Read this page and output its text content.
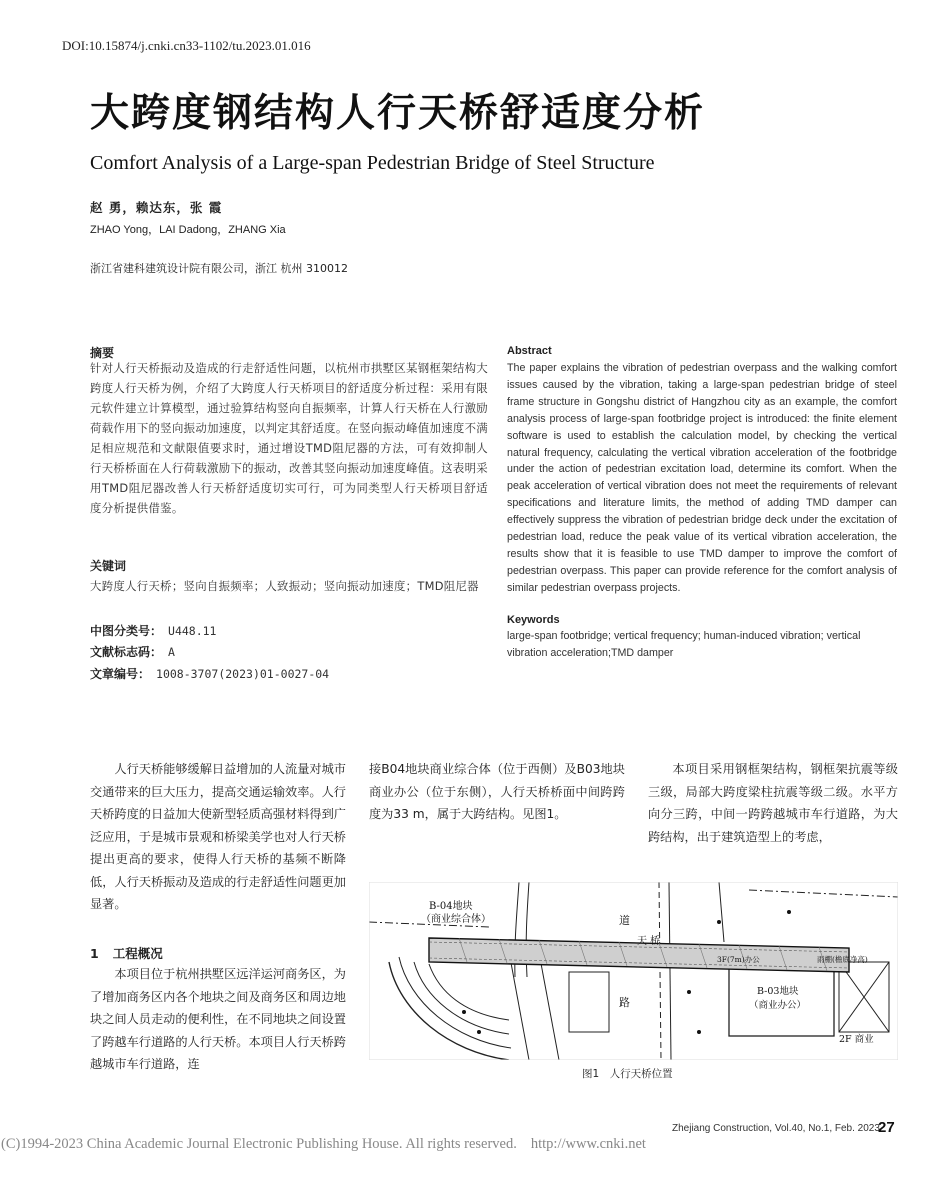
DOI:10.15874/j.cnki.cn33-1102/tu.2023.01.016
大跨度钢结构人行天桥舒适度分析
Comfort Analysis of a Large-span Pedestrian Bridge of Steel Structure
赵 勇，赖达东，张 霞
ZHAO Yong，LAI Dadong，ZHANG Xia
浙江省建科建筑设计院有限公司，浙江 杭州 310012
摘要
针对人行天桥振动及造成的行走舒适性问题，以杭州市拱墅区某钢框架结构大跨度人行天桥为例，介绍了大跨度人行天桥项目的舒适度分析过程：采用有限元软件建立计算模型，通过验算结构竖向自振频率，计算人行天桥在人行激励荷载作用下的竖向振动加速度，以判定其舒适度。在竖向振动峰值加速度不满足相应规范和文献限值要求时，通过增设TMD阻尼器的方法，可有效抑制人行天桥桥面在人行荷载激励下的振动，改善其竖向振动加速度峰值。这表明采用TMD阻尼器改善人行天桥舒适度切实可行，可为同类型人行天桥项目舒适度分析提供借鉴。
关键词
大跨度人行天桥；竖向自振频率；人致振动；竖向振动加速度；TMD阻尼器
中图分类号： U448.11
文献标志码： A
文章编号： 1008-3707(2023)01-0027-04
Abstract
The paper explains the vibration of pedestrian overpass and the walking comfort issues caused by the vibration, taking a large-span pedestrian bridge of steel frame structure in Gongshu district of Hangzhou city as an example, the comfort analysis process of large-span footbridge project is introduced: the finite element software is used to establish the calculation model, by checking the vertical natural frequency, calculating the vertical vibration acceleration of the footbridge under the action of pedestrian excitation load, determine its comfort. When the peak acceleration of vertical vibration does not meet the requirements of relevant specifications and literature limits, the method of adding TMD damper can effectively suppress the vibration of pedestrian bridge deck under the excitation of pedestrian load, reduce the peak value of its vertical vibration acceleration, the results show that it is feasible to use TMD damper to improve the comfort of pedestrian overpass. This paper can provide reference for the comfort analysis of similar pedestrian overpass projects.
Keywords
large-span footbridge; vertical frequency; human-induced vibration; vertical vibration acceleration;TMD damper
人行天桥能够缓解日益增加的人流量对城市交通带来的巨大压力，提高交通运输效率。人行天桥跨度的日益加大使新型轻质高强材料得到广泛应用，于是城市景观和桥梁美学也对人行天桥提出更高的要求，使得人行天桥的基频不断降低，人行天桥振动及造成的行走舒适性问题更加显著。
1 工程概况
本项目位于杭州拱墅区远洋运河商务区，为了增加商务区内各个地块之间及商务区和周边地块之间人员走动的便利性，在不同地块之间设置了跨越车行道路的人行天桥。本项目人行天桥跨越城市车行道路，连
接B04地块商业综合体（位于西侧）及B03地块商业办公（位于东侧），人行天桥桥面中间跨跨度为33 m，属于大跨结构。见图1。
本项目采用钢框架结构，钢框架抗震等级三级，局部大跨度梁柱抗震等级二级。水平方向分三跨，中间一跨跨越城市车行道路，为大跨结构，出于建筑造型上的考虑，
B-04地块
（商业综合体）	道
路
天 桥
3F(7m)办公	雨棚(檐底净高)
B-03地块
（商业办公）
2F 商业
图1　人行天桥位置
Zhejiang Construction, Vol.40, No.1, Feb. 2023
27
(C)1994-2023 China Academic Journal Electronic Publishing House. All rights reserved. http://www.cnki.net
